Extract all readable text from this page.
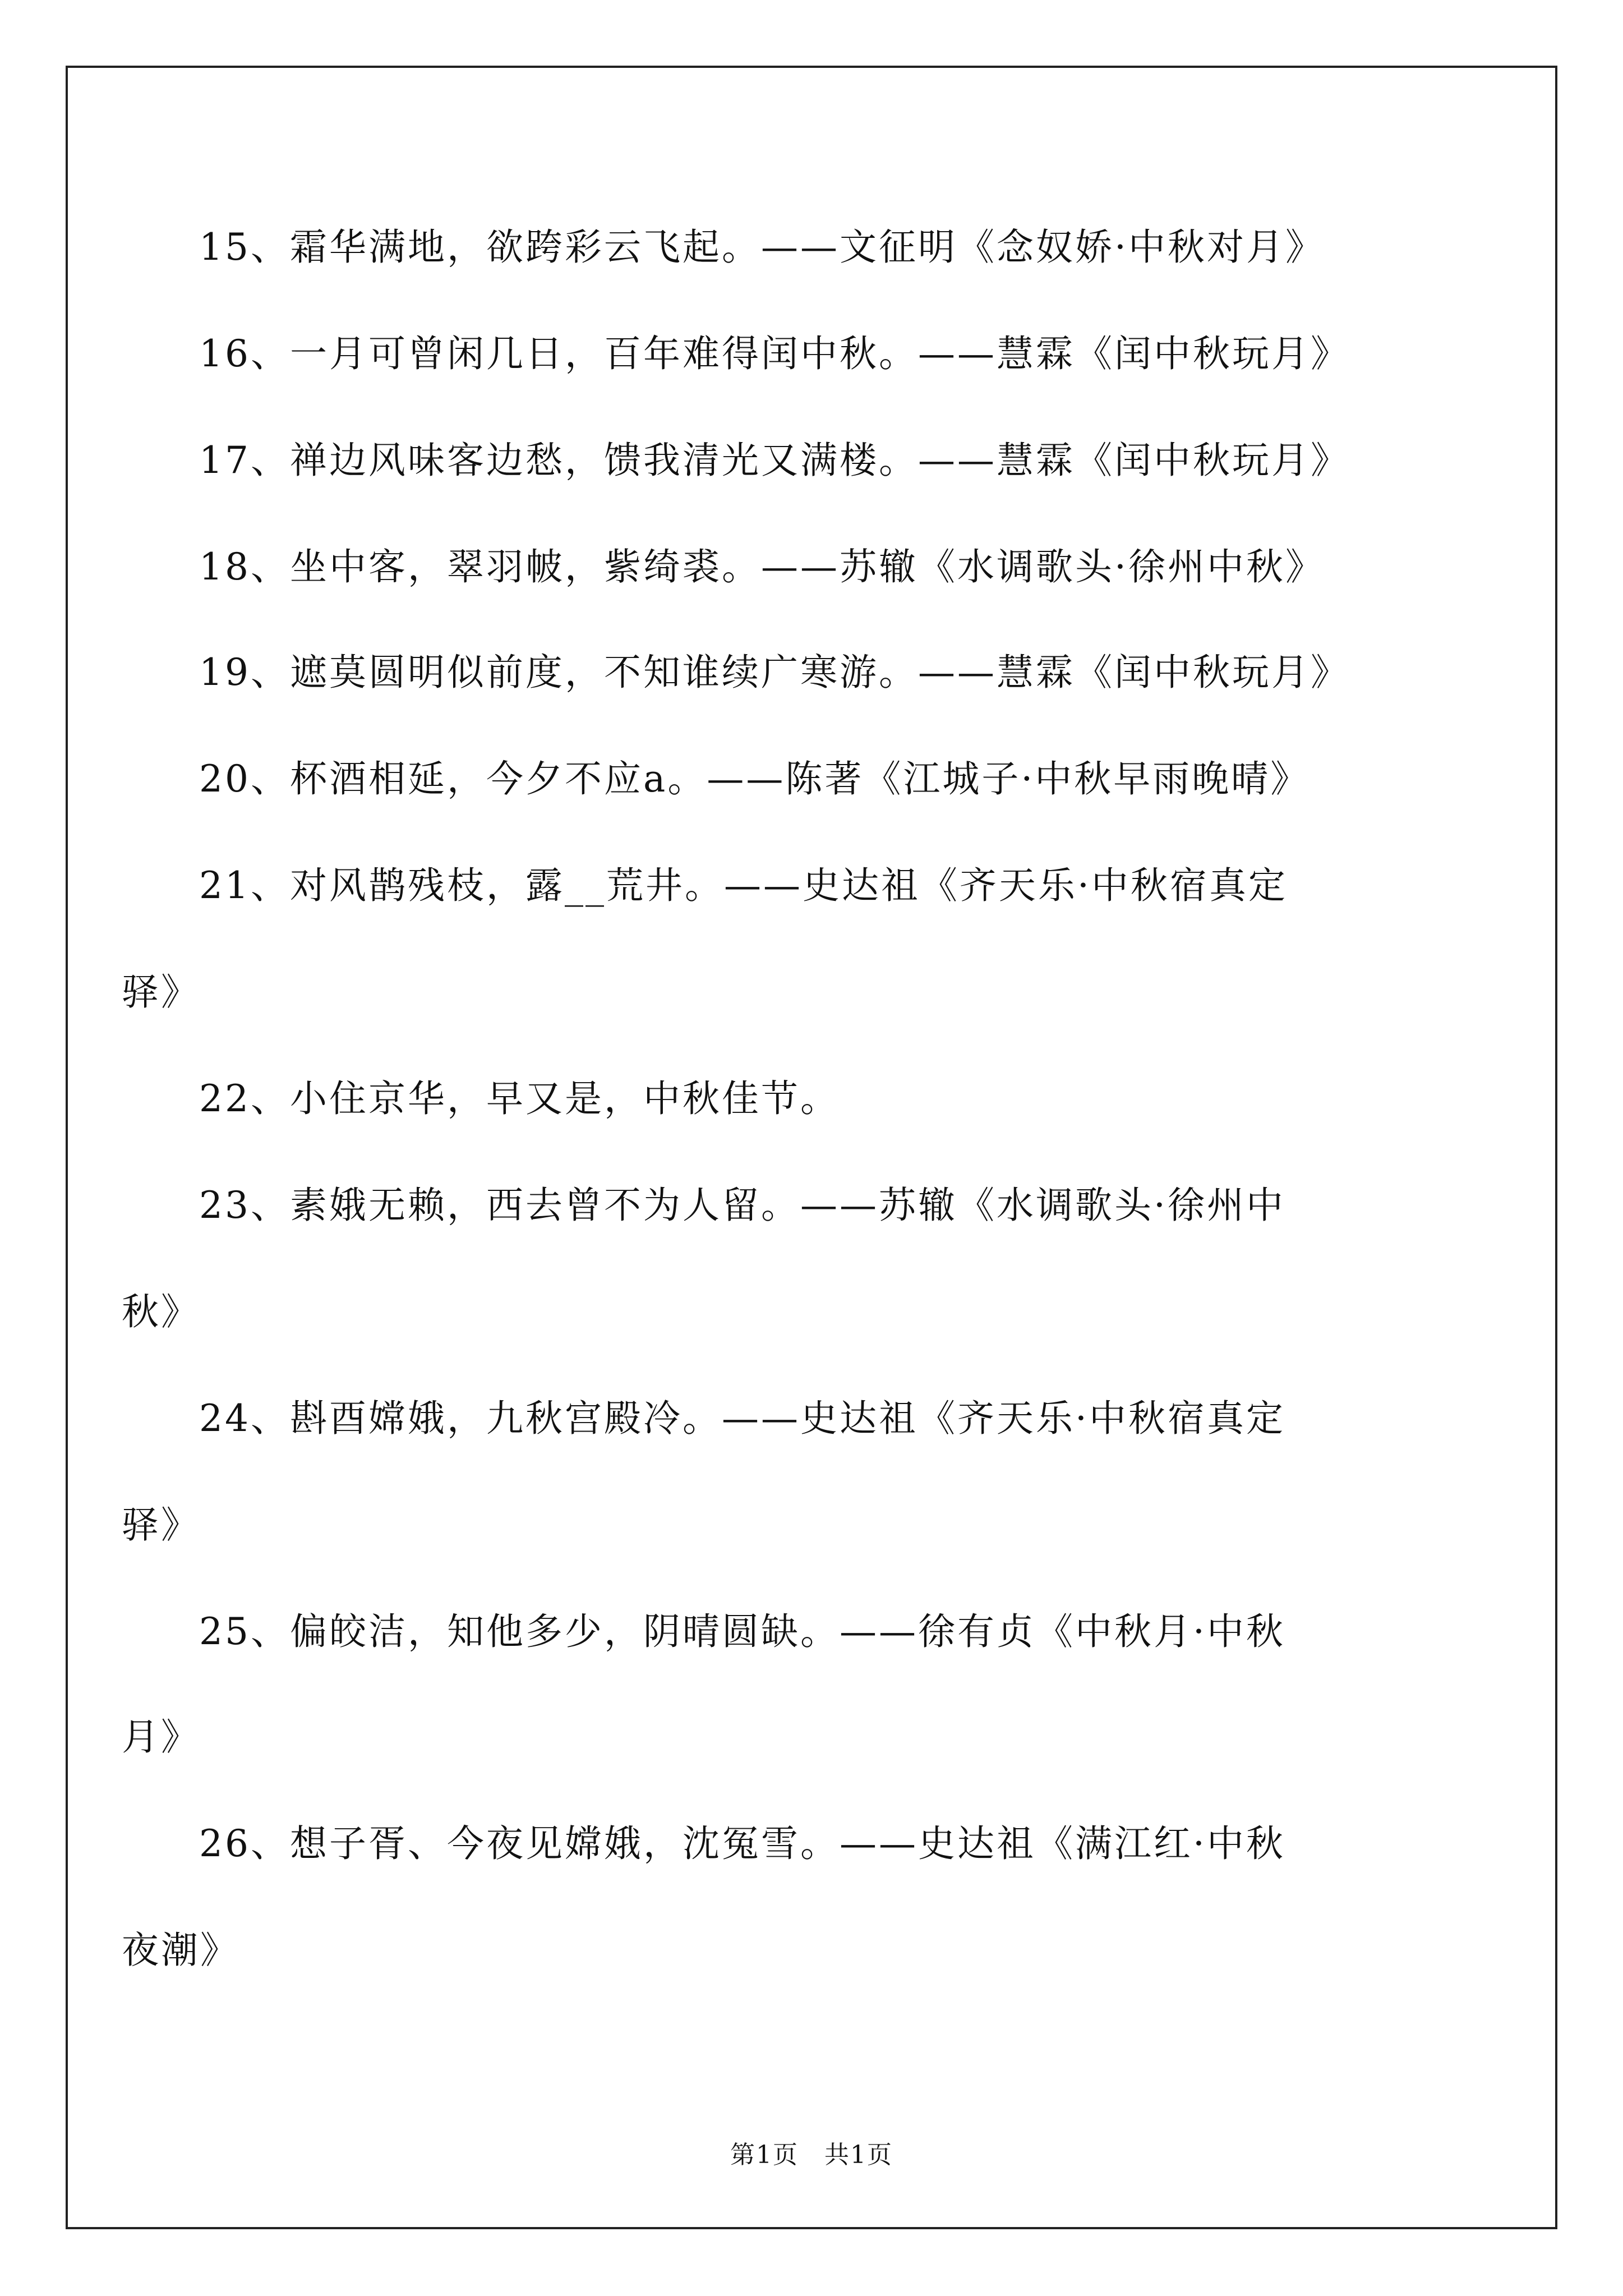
15、霜华满地，欲跨彩云飞起。——文征明《念奴娇·中秋对月》
16、一月可曾闲几日，百年难得闰中秋。——慧霖《闰中秋玩月》
17、禅边风味客边愁，馈我清光又满楼。——慧霖《闰中秋玩月》
18、坐中客，翠羽帔，紫绮裘。——苏辙《水调歌头·徐州中秋》
19、遮莫圆明似前度，不知谁续广寒游。——慧霖《闰中秋玩月》
20、杯酒相延，今夕不应a。——陈著《江城子·中秋早雨晚晴》
21、对风鹊残枝，露__荒井。——史达祖《齐天乐·中秋宿真定
驿》
22、小住京华，早又是，中秋佳节。
23、素娥无赖，西去曾不为人留。——苏辙《水调歌头·徐州中
秋》
24、斟酉嫦娥，九秋宫殿冷。——史达祖《齐天乐·中秋宿真定
驿》
25、偏皎洁，知他多少，阴晴圆缺。——徐有贞《中秋月·中秋
月》
26、想子胥、今夜见嫦娥，沈冤雪。——史达祖《满江红·中秋
夜潮》
第1页　共1页
